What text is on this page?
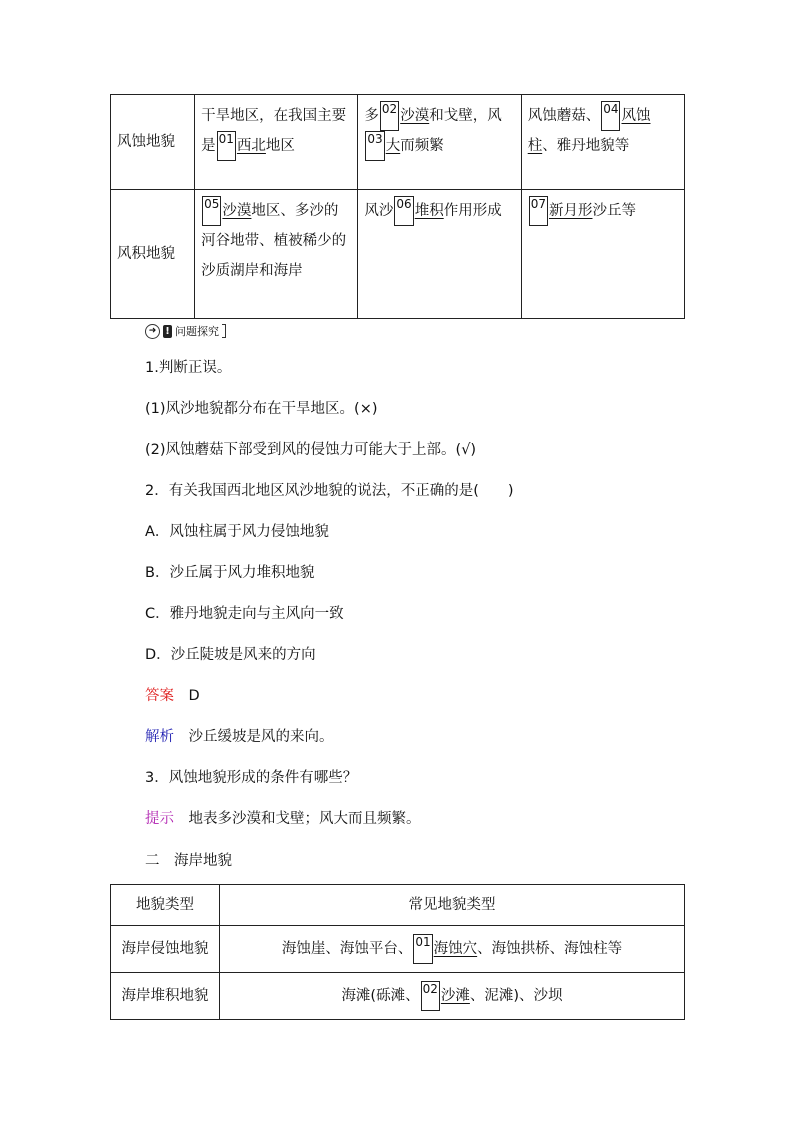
风蚀地貌	干旱地区，在我国主要是 01 西北地区	多 02 沙漠和戈壁，风03 大而频繁	风蚀蘑菇、 04 风蚀柱、雅丹地貌等
风积地貌	05 沙漠地区、多沙的河谷地带、植被稀少的沙质湖岸和海岸	风沙 06 堆积作用形成	07 新月形沙丘等
➜ ! 问题探究
1.判断正误。
(1)风沙地貌都分布在干旱地区。(×)
(2)风蚀蘑菇下部受到风的侵蚀力可能大于上部。(√)
2．有关我国西北地区风沙地貌的说法，不正确的是(　　)
A．风蚀柱属于风力侵蚀地貌
B．沙丘属于风力堆积地貌
C．雅丹地貌走向与主风向一致
D．沙丘陡坡是风来的方向
答案　 D
解析　 沙丘缓坡是风的来向。
3．风蚀地貌形成的条件有哪些？
提示　 地表多沙漠和戈壁；风大而且频繁。
二　 海岸地貌
地貌类型	常见地貌类型
海岸侵蚀地貌	海蚀崖、海蚀平台、 01 海蚀穴、海蚀拱桥、海蚀柱等
海岸堆积地貌	海滩(砾滩、 02 沙滩、泥滩)、沙坝
